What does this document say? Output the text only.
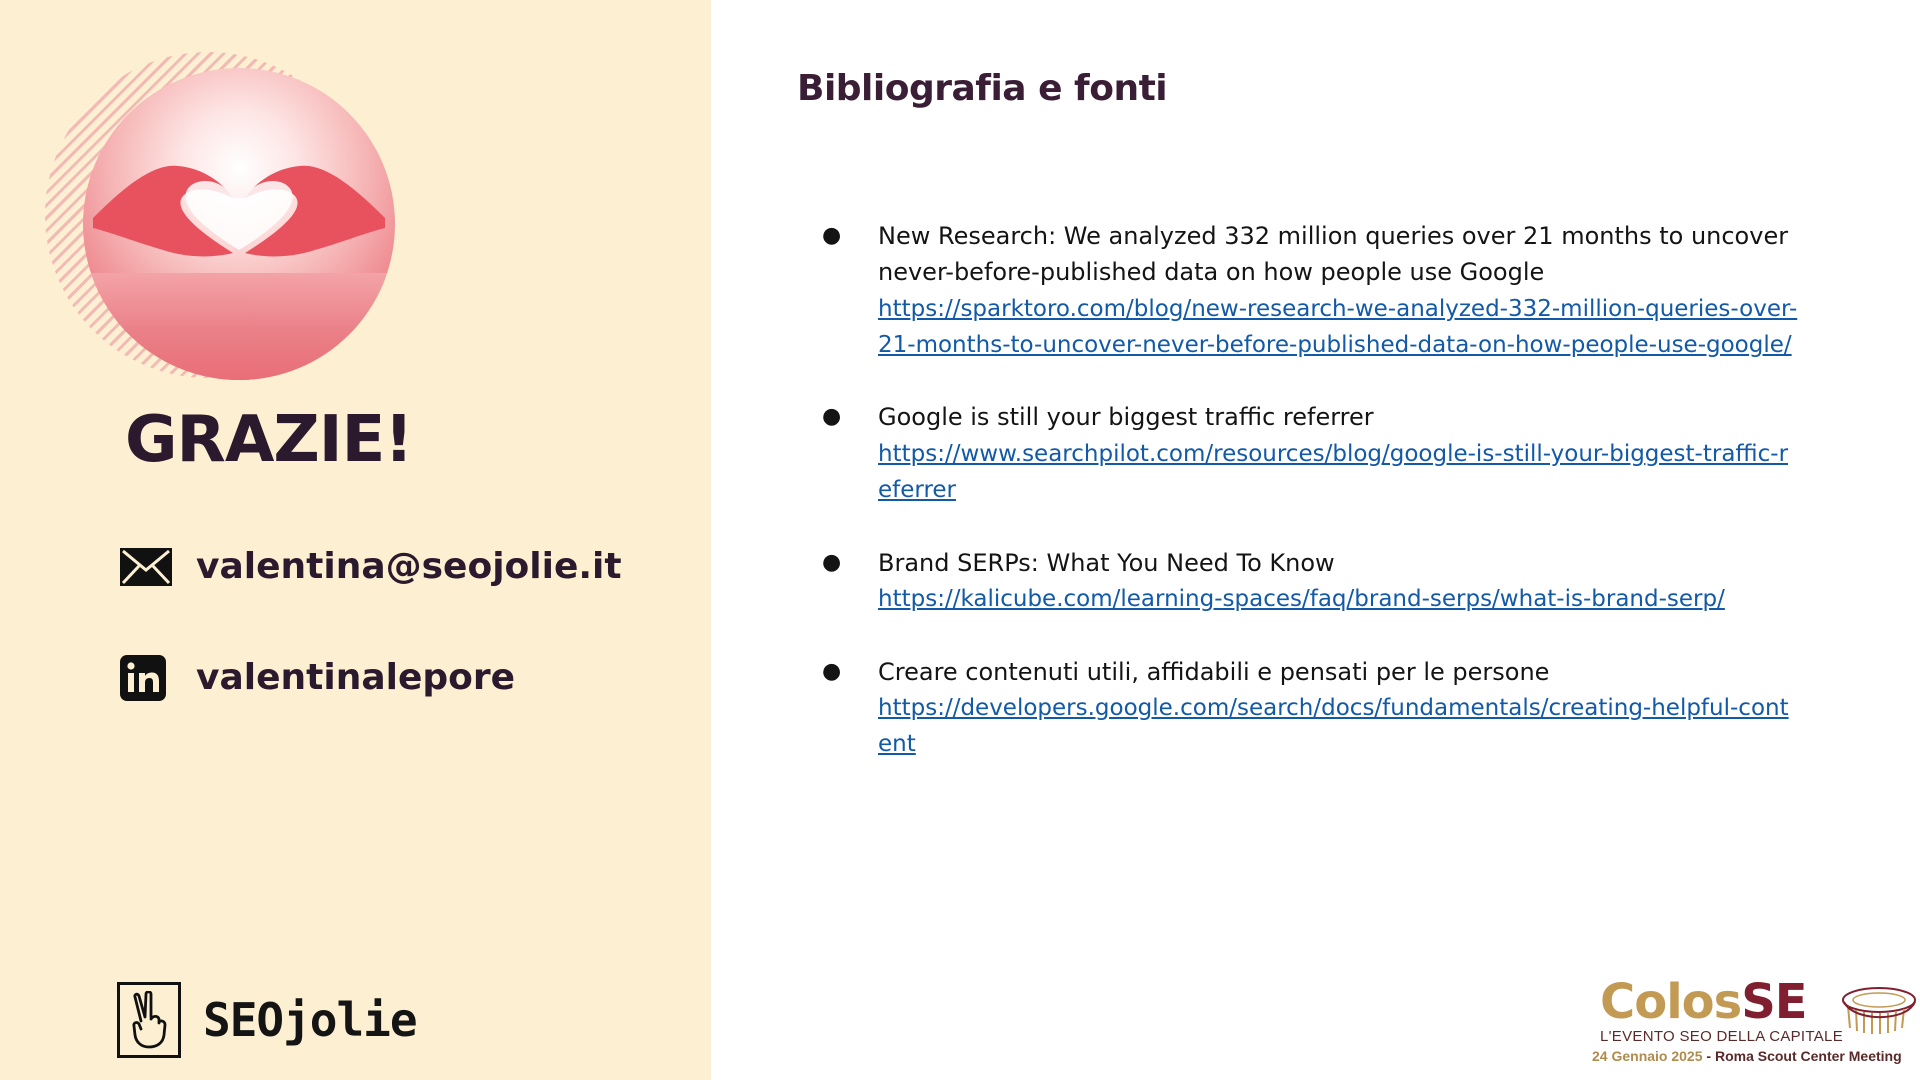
GRAZIE!
valentina@seojolie.it
valentinalepore
SEOjolie
Bibliografia e fonti
● New Research: We analyzed 332 million queries over 21 months to uncover never-before-published data on how people use Google
https://sparktoro.com/blog/new-research-we-analyzed-332-million-queries-over-21-months-to-uncover-never-before-published-data-on-how-people-use-google/
● Google is still your biggest traffic referrer
https://www.searchpilot.com/resources/blog/google-is-still-your-biggest-traffic-referrer
● Brand SERPs: What You Need To Know
https://kalicube.com/learning-spaces/faq/brand-serps/what-is-brand-serp/
● Creare contenuti utili, affidabili e pensati per le persone
https://developers.google.com/search/docs/fundamentals/creating-helpful-content
ColosSE
L'EVENTO SEO DELLA CAPITALE
24 Gennaio 2025 - Roma Scout Center Meeting
